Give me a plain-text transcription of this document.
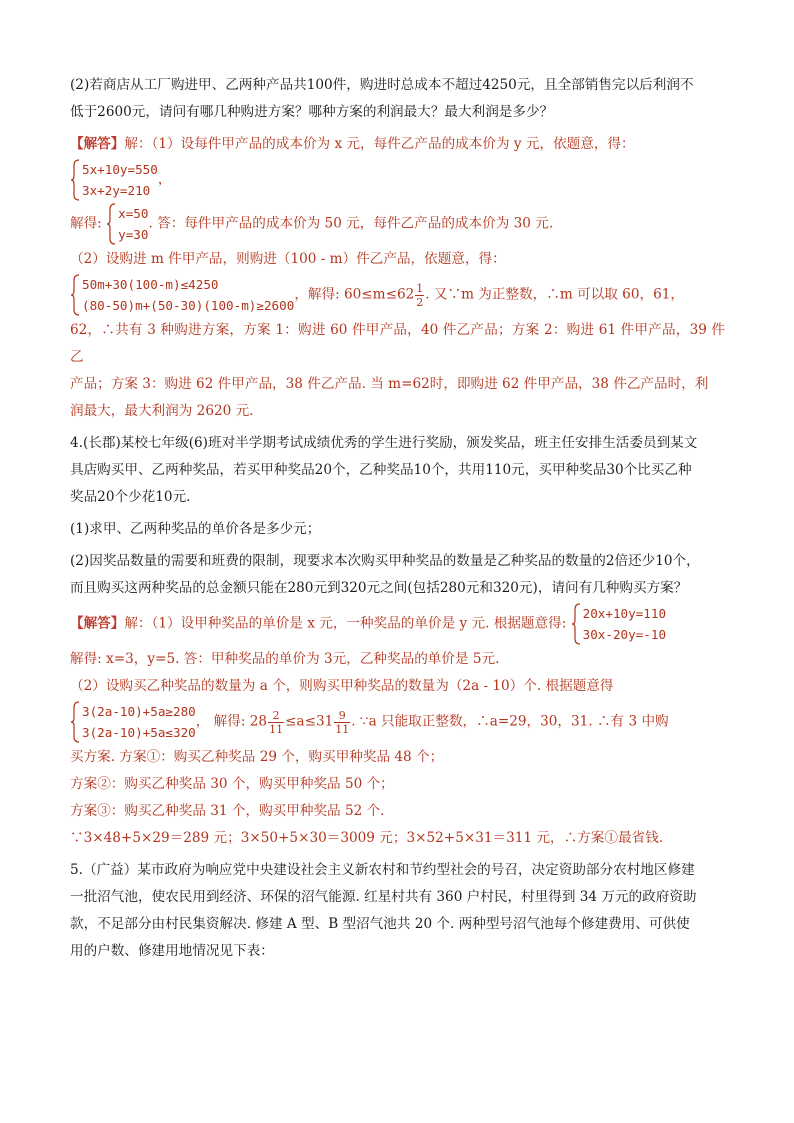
(2)若商店从工厂购进甲、乙两种产品共100件，购进时总成本不超过4250元，且全部销售完以后利润不

低于2600元，请问有哪几种购进方案？哪种方案的利润最大？最大利润是多少？

【解答】解：（1）设每件甲产品的成本价为 x 元，每件乙产品的成本价为 y 元，依题意，得：

5x+10y=550
3x+2y=210
，

解得:
x=50
y=30
. 答：每件甲产品的成本价为 50 元，每件乙产品的成本价为 30 元.

（2）设购进 m 件甲产品，则购进（100 - m）件乙产品，依题意，得：

50m+30(100-m)≤4250
(80-50)m+(50-30)(100-m)≥2600
，解得: $60\le m\le 62 \frac{1}{2}$ . 又∵m 为正整数，∴m 可以取 60，61，

62，∴共有 3 种购进方案，方案 1：购进 60 件甲产品，40 件乙产品；方案 2：购进 61 件甲产品，39 件乙

产品；方案 3：购进 62 件甲产品，38 件乙产品. 当 m=62时，即购进 62 件甲产品，38 件乙产品时，利

润最大，最大利润为 2620 元.

4.(长郡)某校七年级(6)班对半学期考试成绩优秀的学生进行奖励，颁发奖品，班主任安排生活委员到某文

具店购买甲、乙两种奖品，若买甲种奖品20个，乙种奖品10个，共用110元，买甲种奖品30个比买乙种

奖品20个少花10元.

(1)求甲、乙两种奖品的单价各是多少元；

(2)因奖品数量的需要和班费的限制，现要求本次购买甲种奖品的数量是乙种奖品的数量的2倍还少10个，

而且购买这两种奖品的总金额只能在280元到320元之间(包括280元和320元)，请问有几种购买方案？

【解答】解：（1）设甲种奖品的单价是 x 元，一种奖品的单价是 y 元. 根据题意得:
20x+10y=110
30x-20y=-10

解得: x=3，y=5. 答：甲种奖品的单价为 3元，乙种奖品的单价是 5元.

（2）设购买乙种奖品的数量为 a 个，则购买甲种奖品的数量为（2a - 10）个. 根据题意得

3(2a-10)+5a≥280
3(2a-10)+5a≤320
， 解得: $28 \frac{2}{11} \le a\le 31 \frac{9}{11}$ . ∵a 只能取正整数，∴a=29，30，31. ∴有 3 中购

买方案. 方案①：购买乙种奖品 29 个，购买甲种奖品 48 个；

方案②：购买乙种奖品 30 个，购买甲种奖品 50 个；

方案③：购买乙种奖品 31 个，购买甲种奖品 52 个.

∵3×48+5×29＝289 元；3×50+5×30＝3009 元；3×52+5×31＝311 元，∴方案①最省钱.

5.（广益）某市政府为响应党中央建设社会主义新农村和节约型社会的号召，决定资助部分农村地区修建

一批沼气池，使农民用到经济、环保的沼气能源. 红星村共有 360 户村民，村里得到 34 万元的政府资助

款，不足部分由村民集资解决. 修建 A 型、B 型沼气池共 20 个. 两种型号沼气池每个修建费用、可供使

用的户数、修建用地情况见下表：
